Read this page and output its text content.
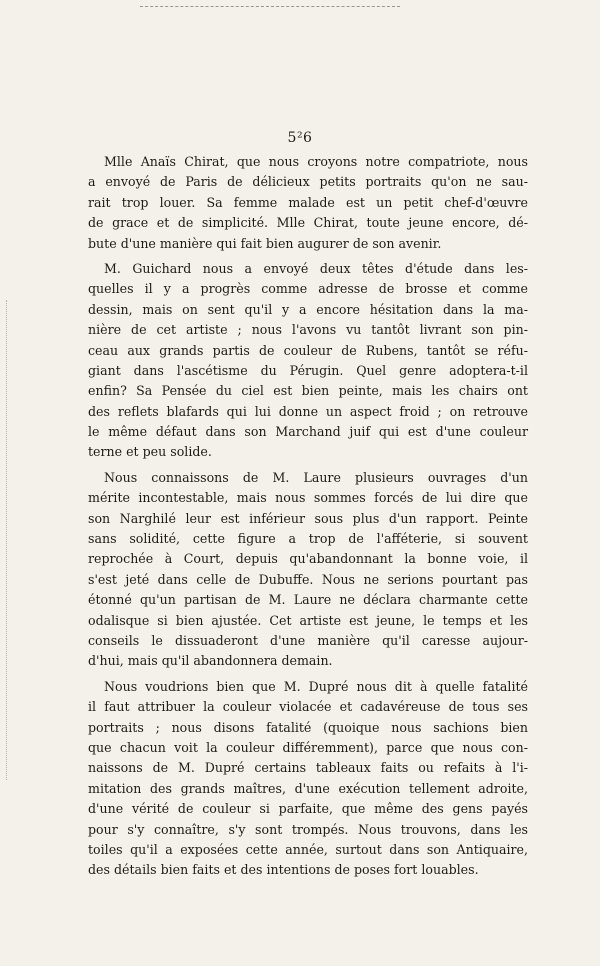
5²6
Mlle Anaïs Chirat, que nous croyons notre compatriote, nous
a envoyé de Paris de délicieux petits portraits qu'on ne sau-
rait trop louer. Sa femme malade est un petit chef-d'œuvre
de grace et de simplicité. Mlle Chirat, toute jeune encore, dé-
bute d'une manière qui fait bien augurer de son avenir.
M. Guichard nous a envoyé deux têtes d'étude dans les-
quelles il y a progrès comme adresse de brosse et comme
dessin, mais on sent qu'il y a encore hésitation dans la ma-
nière de cet artiste ; nous l'avons vu tantôt livrant son pin-
ceau aux grands partis de couleur de Rubens, tantôt se réfu-
giant dans l'ascétisme du Pérugin. Quel genre adoptera-t-il
enfin? Sa Pensée du ciel est bien peinte, mais les chairs ont
des reflets blafards qui lui donne un aspect froid ; on retrouve
le même défaut dans son Marchand juif qui est d'une couleur
terne et peu solide.
Nous connaissons de M. Laure plusieurs ouvrages d'un
mérite incontestable, mais nous sommes forcés de lui dire que
son Narghilé leur est inférieur sous plus d'un rapport. Peinte
sans solidité, cette figure a trop de l'afféterie, si souvent
reprochée à Court, depuis qu'abandonnant la bonne voie, il
s'est jeté dans celle de Dubuffe. Nous ne serions pourtant pas
étonné qu'un partisan de M. Laure ne déclara charmante cette
odalisque si bien ajustée. Cet artiste est jeune, le temps et les
conseils le dissuaderont d'une manière qu'il caresse aujour-
d'hui, mais qu'il abandonnera demain.
Nous voudrions bien que M. Dupré nous dit à quelle fatalité
il faut attribuer la couleur violacée et cadavéreuse de tous ses
portraits ; nous disons fatalité (quoique nous sachions bien
que chacun voit la couleur différemment), parce que nous con-
naissons de M. Dupré certains tableaux faits ou refaits à l'i-
mitation des grands maîtres, d'une exécution tellement adroite,
d'une vérité de couleur si parfaite, que même des gens payés
pour s'y connaître, s'y sont trompés. Nous trouvons, dans les
toiles qu'il a exposées cette année, surtout dans son Antiquaire,
des détails bien faits et des intentions de poses fort louables.
